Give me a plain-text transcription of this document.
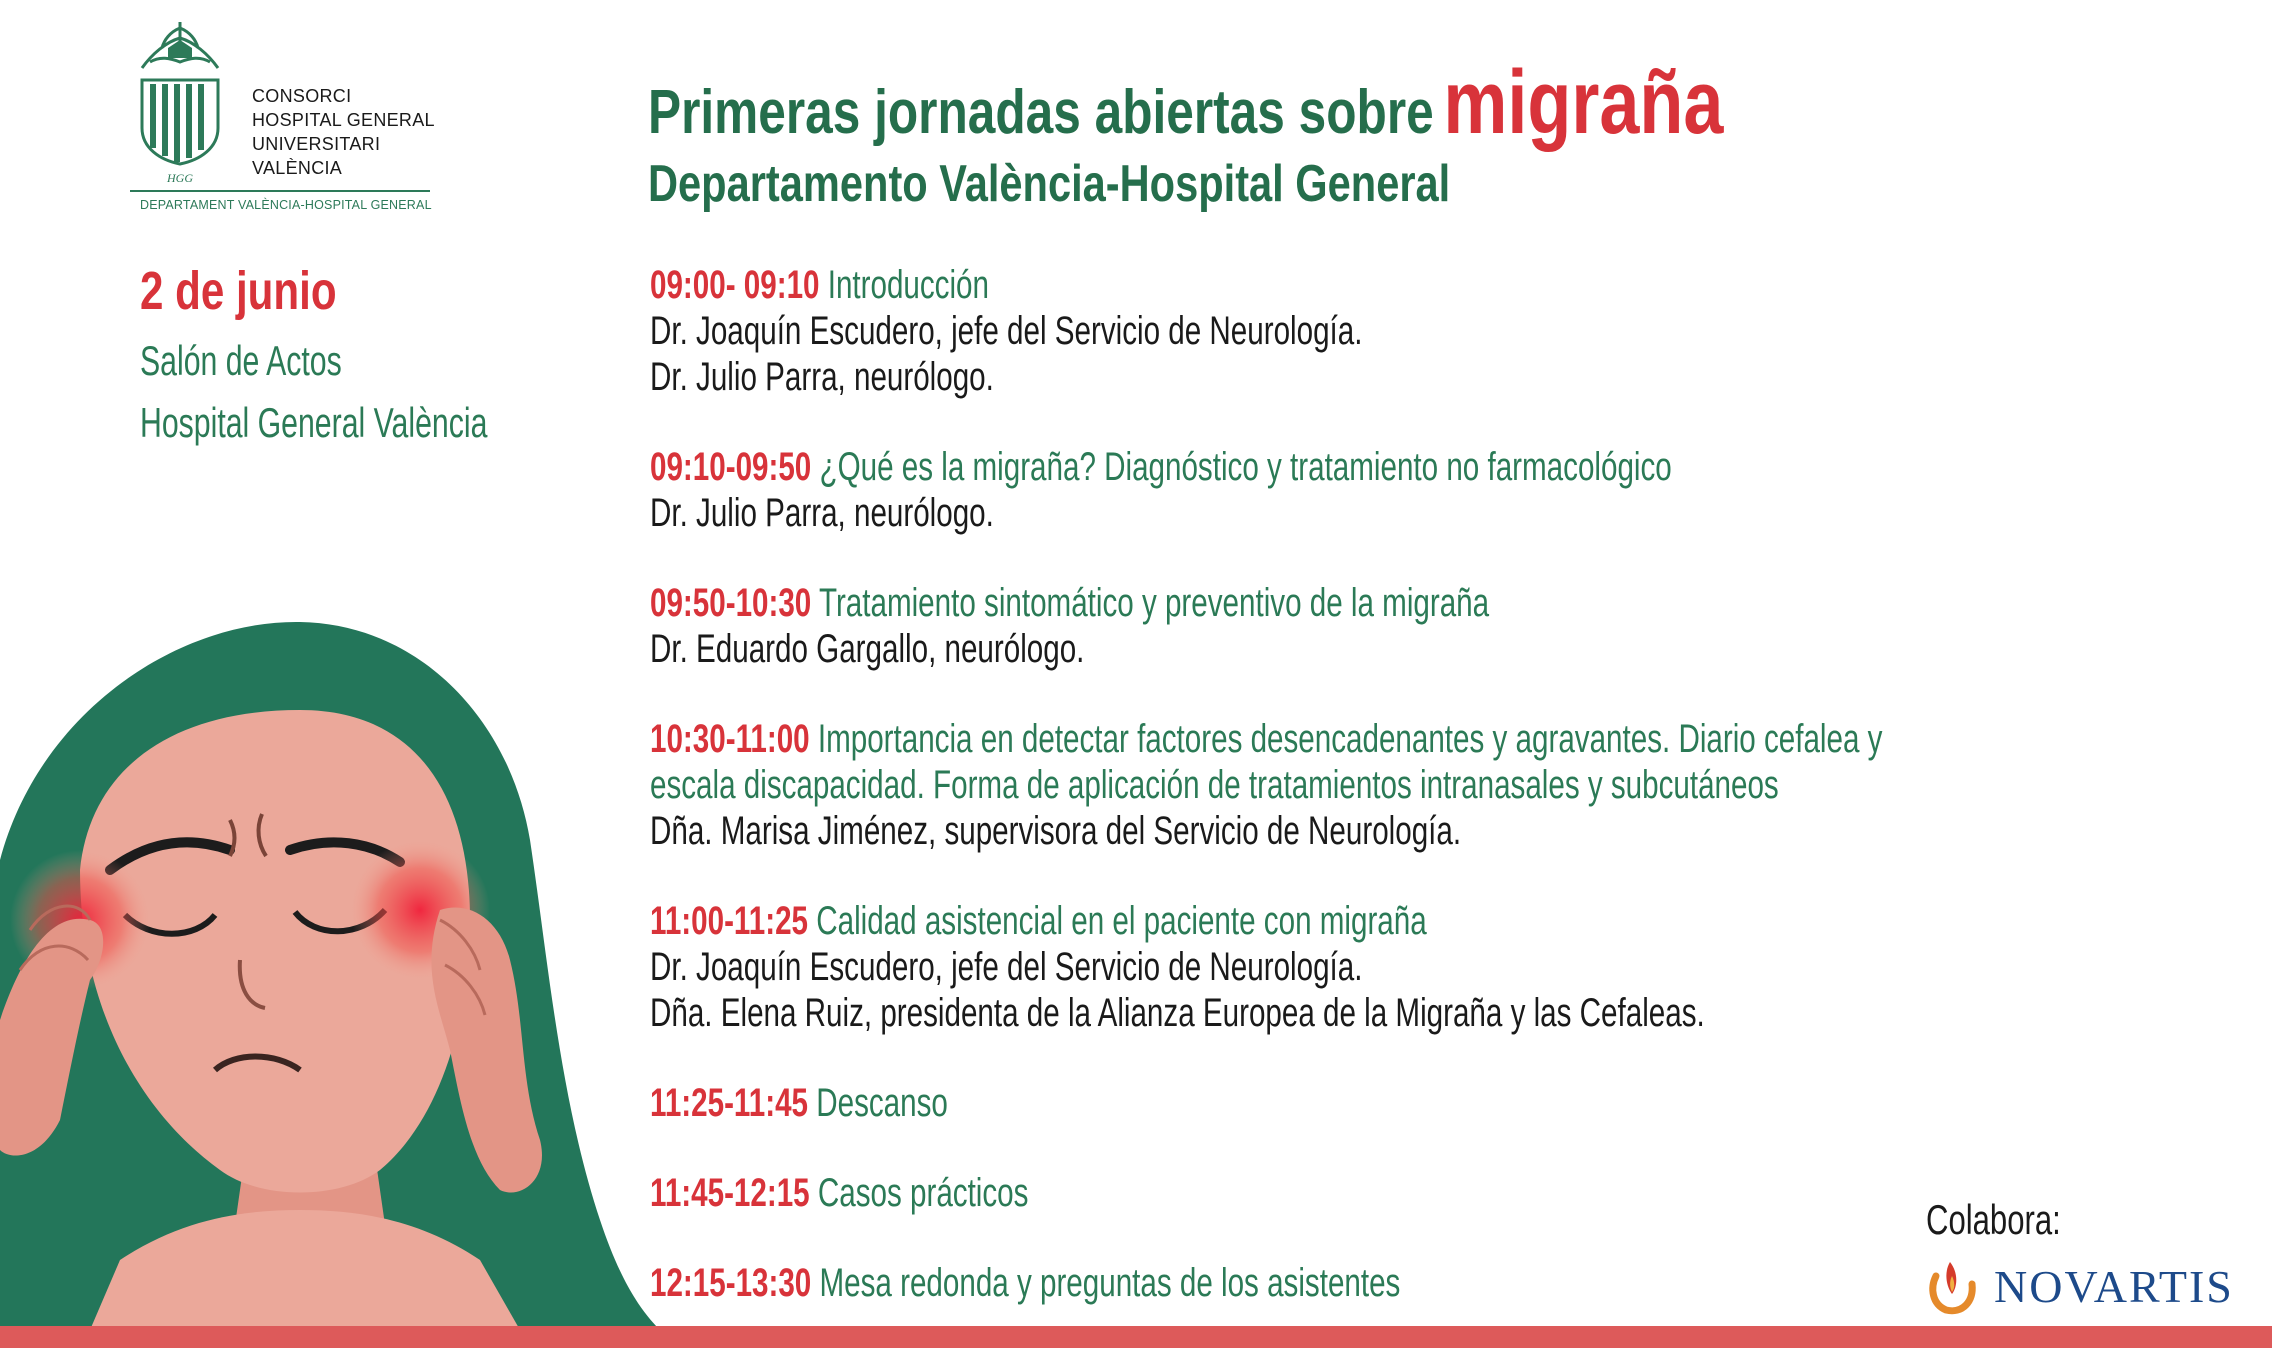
HGG
CONSORCI
HOSPITAL GENERAL
UNIVERSITARI
VALÈNCIA
DEPARTAMENT VALÈNCIA-HOSPITAL GENERAL
2 de junio
Salón de Actos
Hospital General València
Primeras jornadas abiertas sobre migraña
Departamento València-Hospital General
09:00- 09:10 Introducción
Dr. Joaquín Escudero, jefe del Servicio de Neurología.
Dr. Julio Parra, neurólogo.
09:10-09:50 ¿Qué es la migraña? Diagnóstico y tratamiento no farmacológico
Dr. Julio Parra, neurólogo.
09:50-10:30 Tratamiento sintomático y preventivo de la migraña
Dr. Eduardo Gargallo, neurólogo.
10:30-11:00 Importancia en detectar factores desencadenantes y agravantes. Diario cefalea y
escala discapacidad. Forma de aplicación de tratamientos intranasales y subcutáneos
Dña. Marisa Jiménez, supervisora del Servicio de Neurología.
11:00-11:25 Calidad asistencial en el paciente con migraña
Dr. Joaquín Escudero, jefe del Servicio de Neurología.
Dña. Elena Ruiz, presidenta de la Alianza Europea de la Migraña y las Cefaleas.
11:25-11:45 Descanso
11:45-12:15 Casos prácticos
12:15-13:30 Mesa redonda y preguntas de los asistentes
Colabora:
NOVARTIS
